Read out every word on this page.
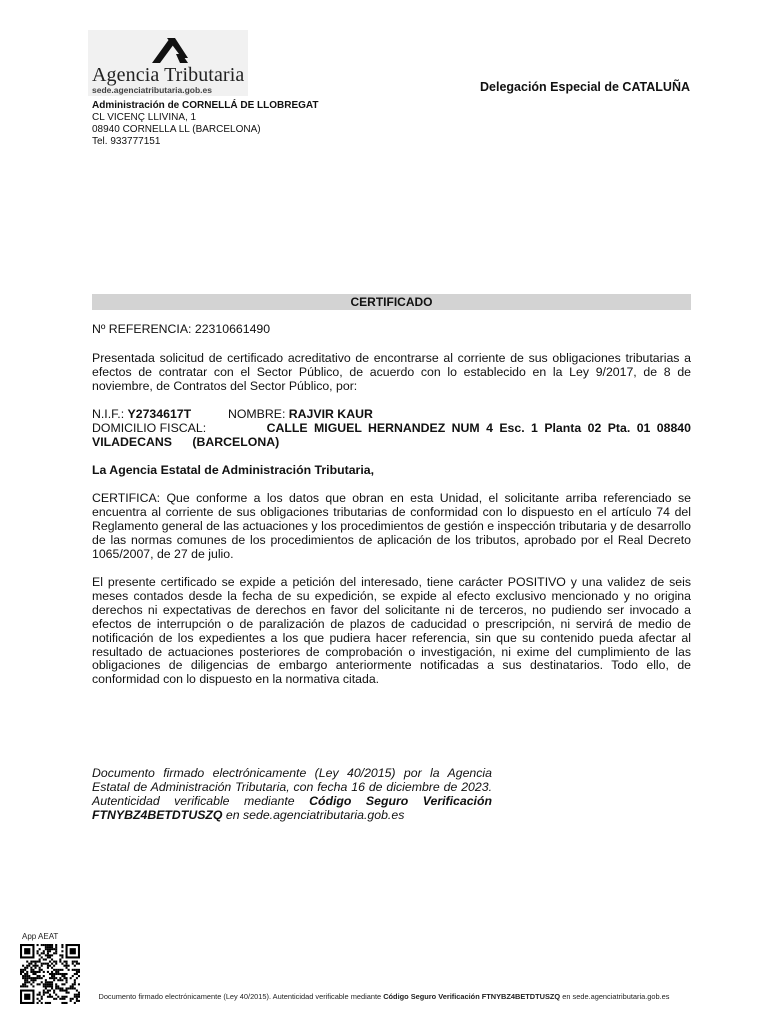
Agencia Tributaria
sede.agenciatributaria.gob.es	Delegación Especial de CATALUÑA
Administración de CORNELLÁ DE LLOBREGAT
CL VICENÇ LLIVINA, 1
08940 CORNELLA LL (BARCELONA)
Tel. 933777151
CERTIFICADO
Nº REFERENCIA: 22310661490
Presentada solicitud de certificado acreditativo de encontrarse al corriente de sus obligaciones tributarias a efectos de contratar con el Sector Público, de acuerdo con lo establecido en la Ley 9/2017, de 8 de noviembre, de Contratos del Sector Público, por:
N.I.F.: Y2734617T	NOMBRE: RAJVIR KAUR
DOMICILIO FISCAL:	CALLE MIGUEL HERNANDEZ NUM 4 Esc. 1 Planta 02 Pta. 01 08840
VILADECANS      (BARCELONA)
La Agencia Estatal de Administración Tributaria,
CERTIFICA: Que conforme a los datos que obran en esta Unidad, el solicitante arriba referenciado se encuentra al corriente de sus obligaciones tributarias de conformidad con lo dispuesto en el artículo 74 del Reglamento general de las actuaciones y los procedimientos de gestión e inspección tributaria y de desarrollo de las normas comunes de los procedimientos de aplicación de los tributos, aprobado por el Real Decreto 1065/2007, de 27 de julio.
El presente certificado se expide a petición del interesado, tiene carácter POSITIVO y una validez de seis meses contados desde la fecha de su expedición, se expide al efecto exclusivo mencionado y no origina derechos ni expectativas de derechos en favor del solicitante ni de terceros, no pudiendo ser invocado a efectos de interrupción o de paralización de plazos de caducidad o prescripción, ni servirá de medio de notificación de los expedientes a los que pudiera hacer referencia, sin que su contenido pueda afectar al resultado de actuaciones posteriores de comprobación o investigación, ni exime del cumplimiento de las obligaciones de diligencias de embargo anteriormente notificadas a sus destinatarios. Todo ello, de conformidad con lo dispuesto en la normativa citada.
Documento firmado electrónicamente (Ley 40/2015) por la Agencia Estatal de Administración Tributaria, con fecha 16 de diciembre de 2023. Autenticidad verificable mediante Código Seguro Verificación FTNYBZ4BETDTUSZQ en sede.agenciatributaria.gob.es
App AEAT
Documento firmado electrónicamente (Ley 40/2015). Autenticidad verificable mediante Código Seguro Verificación FTNYBZ4BETDTUSZQ en sede.agenciatributaria.gob.es
